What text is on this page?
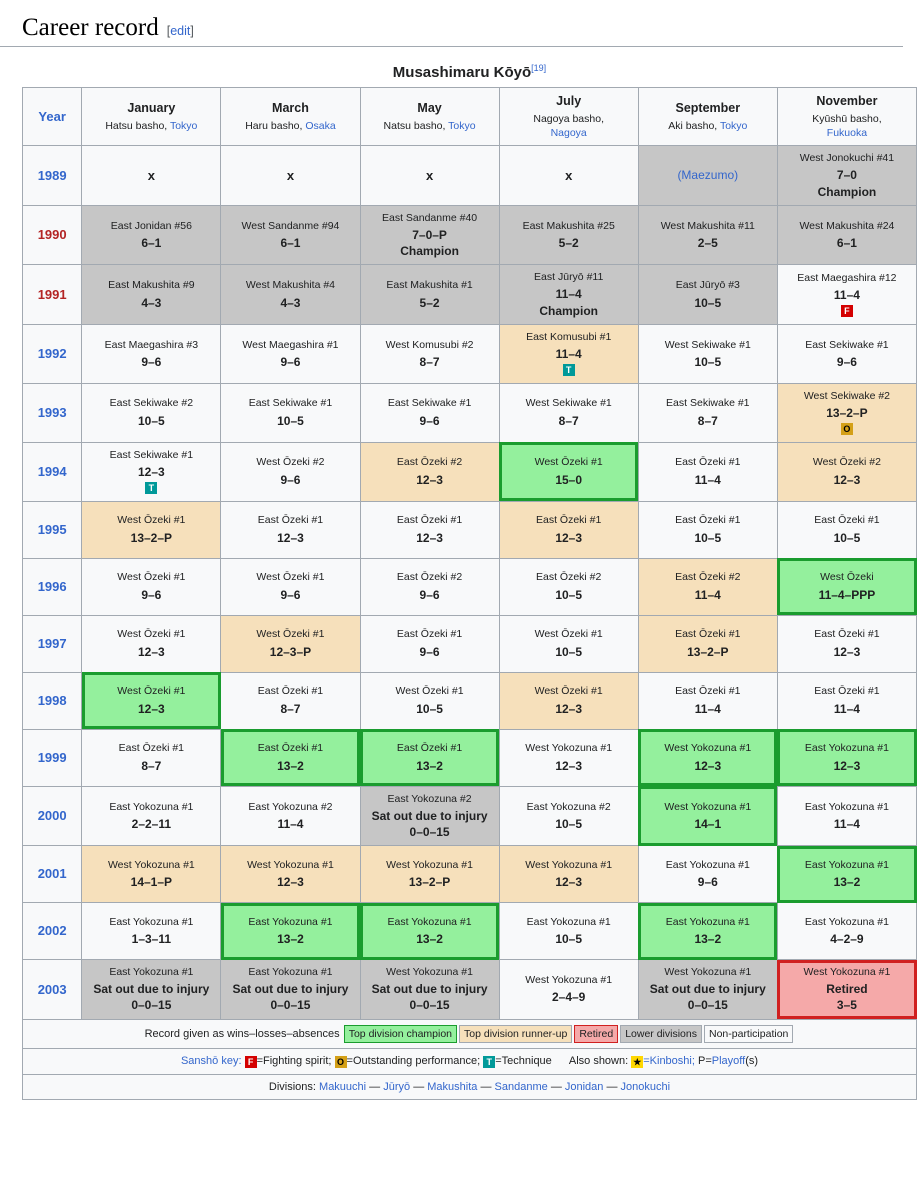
Career record [edit]
Musashimaru Kōyō[19]
Year	January
Hatsu basho, Tokyo	March
Haru basho, Osaka	May
Natsu basho, Tokyo	July
Nagoya basho,
Nagoya	September
Aki basho, Tokyo	November
Kyūshū basho,
Fukuoka

1989	x	x	x	x	(Maezumo)	West Jonokuchi #41
7–0
Champion

1990	East Jonidan #56
6–1	West Sandanme #94
6–1	East Sandanme #40
7–0–P
Champion	East Makushita #25
5–2	West Makushita #11
2–5	West Makushita #24
6–1

1991	East Makushita #9
4–3	West Makushita #4
4–3	East Makushita #1
5–2	East Jūryō #11
11–4
Champion	East Jūryō #3
10–5	East Maegashira #12
11–4
F
1992	East Maegashira #3
9–6	West Maegashira #1
9–6	West Komusubi #2
8–7	East Komusubi #1
11–4
T	West Sekiwake #1
10–5	East Sekiwake #1
9–6

1993	East Sekiwake #2
10–5	East Sekiwake #1
10–5	East Sekiwake #1
9–6	West Sekiwake #1
8–7	East Sekiwake #1
8–7	West Sekiwake #2
13–2–P
O
1994	East Sekiwake #1
12–3
T	West Ōzeki #2
9–6	East Ōzeki #2
12–3	West Ōzeki #1
15–0	East Ōzeki #1
11–4	West Ōzeki #2
12–3

1995	West Ōzeki #1
13–2–P	East Ōzeki #1
12–3	East Ōzeki #1
12–3	East Ōzeki #1
12–3	East Ōzeki #1
10–5	East Ōzeki #1
10–5

1996	West Ōzeki #1
9–6	West Ōzeki #1
9–6	East Ōzeki #2
9–6	East Ōzeki #2
10–5	East Ōzeki #2
11–4	West Ōzeki
11–4–PPP

1997	West Ōzeki #1
12–3	West Ōzeki #1
12–3–P	East Ōzeki #1
9–6	West Ōzeki #1
10–5	East Ōzeki #1
13–2–P	East Ōzeki #1
12–3

1998	West Ōzeki #1
12–3	East Ōzeki #1
8–7	West Ōzeki #1
10–5	West Ōzeki #1
12–3	East Ōzeki #1
11–4	East Ōzeki #1
11–4

1999	East Ōzeki #1
8–7	East Ōzeki #1
13–2	East Ōzeki #1
13–2	West Yokozuna #1
12–3	West Yokozuna #1
12–3	East Yokozuna #1
12–3

2000	East Yokozuna #1
2–2–11	East Yokozuna #2
11–4	East Yokozuna #2
Sat out due to injury
0–0–15	East Yokozuna #2
10–5	West Yokozuna #1
14–1	East Yokozuna #1
11–4

2001	West Yokozuna #1
14–1–P	West Yokozuna #1
12–3	West Yokozuna #1
13–2–P	West Yokozuna #1
12–3	East Yokozuna #1
9–6	East Yokozuna #1
13–2

2002	East Yokozuna #1
1–3–11	East Yokozuna #1
13–2	East Yokozuna #1
13–2	East Yokozuna #1
10–5	East Yokozuna #1
13–2	East Yokozuna #1
4–2–9

2003	East Yokozuna #1
Sat out due to injury
0–0–15	East Yokozuna #1
Sat out due to injury
0–0–15	West Yokozuna #1
Sat out due to injury
0–0–15	West Yokozuna #1
2–4–9	West Yokozuna #1
Sat out due to injury
0–0–15	West Yokozuna #1
Retired
3–5

Record given as wins–losses–absences Top division champion Top division runner-up Retired Lower divisions Non-participation						
Sanshō key: F =Fighting spirit; O =Outstanding performance; T =Technique Also shown: ★ =Kinboshi; P=Playoff(s)						
Divisions: Makuuchi — Jūryō — Makushita — Sandanme — Jonidan — Jonokuchi						
